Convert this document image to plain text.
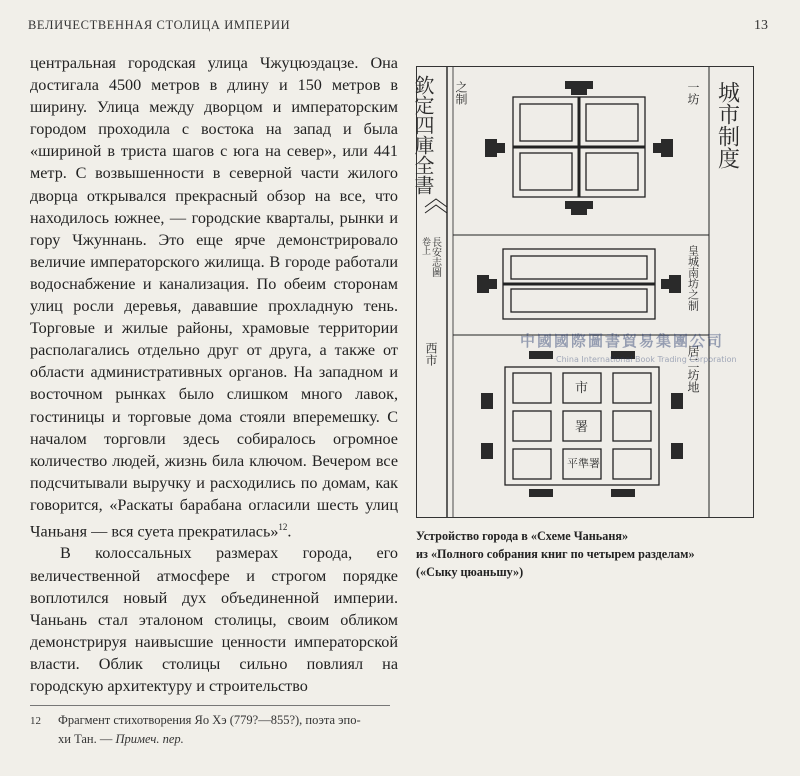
ВЕЛИЧЕСТВЕННАЯ СТОЛИЦА ИМПЕРИИ	13

центральная городская улица Чжуцюэдацзе. Она достигала 4500 метров в длину и 150 метров в ширину. Улица между дворцом и императорским городом проходила с востока на запад и была «шириной в триста шагов с юга на север», или 441 метр. С возвышенности в северной части жилого дворца открывался прекрасный обзор на все, что находилось южнее, — городские кварталы, рынки и гору Чжуннань. Это еще ярче демонстрировало величие императорского жилища. В городе работали водоснабжение и канализация. По обеим сторонам улиц росли деревья, дававшие прохладную тень. Торговые и жилые районы, храмовые территории располагались отдельно друг от друга, а также от области административных органов. На западном и восточном рынках было слишком много лавок, гостиницы и торговые дома стояли вперемешку. С началом торговли здесь собиралось огромное количество людей, жизнь била ключом. Вечером все подсчитывали выручку и расходились по домам, как говорится, «Раскаты барабана огласили шесть улиц Чаньаня — вся суета прекратилась»$^{12}$.

В колоссальных размерах города, его величественной атмосфере и строгом порядке воплотился новый дух объединенной империи. Чаньань стал эталоном столицы, своим обликом демонстрируя наивысшие ценности императорской власти. Облик столицы сильно повлиял на городскую архитектуру и строительство

12 Фрагмент стихотворения Яо Хэ (779?—855?), поэта эпо-
хи Тан. — Примеч. пер.
欽定四庫全書 之制	城市制度
一坊
皇城南坊之制
居二坊地
長安志圖
卷上
西市
市
署
平準署
中國國際圖書貿易集團公司
China International Book Trading Corporation
Устройство города в «Схеме Чаньаня»
из «Полного собрания книг по четырем разделам»
(«Сыку цюаньшу»)
